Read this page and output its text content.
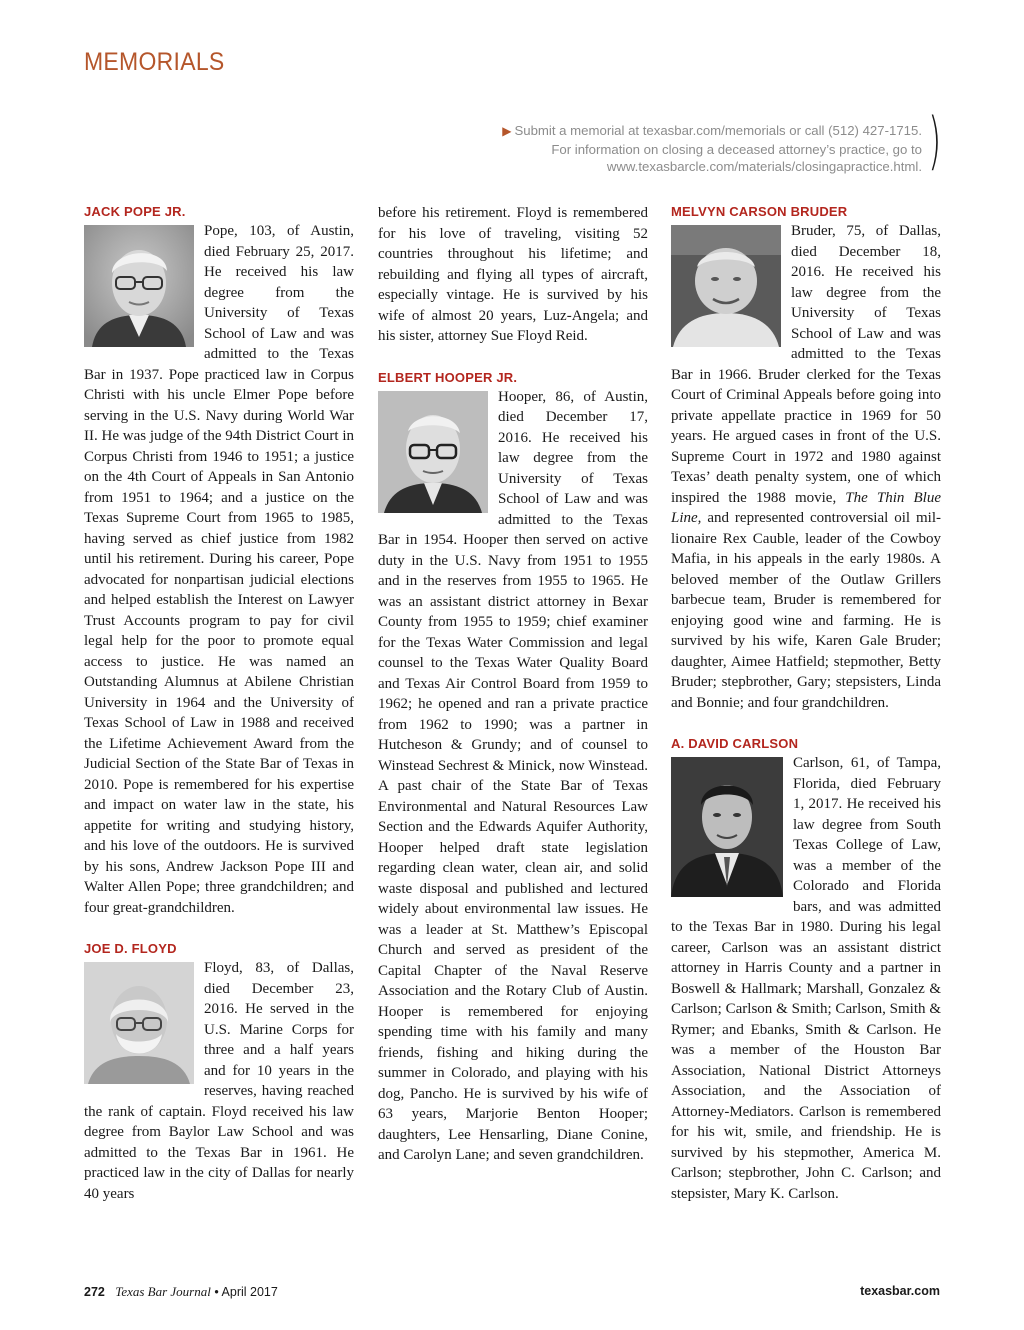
MEMORIALS
▶ Submit a memorial at texasbar.com/memorials or call (512) 427-1715.
For information on closing a deceased attorney’s practice, go to
www.texasbarcle.com/materials/closingapractice.html. )
JACK POPE JR.

Pope, 103, of Austin, died February 25, 2017. He received his law degree from the University of Texas School of Law and was admitted to the Texas Bar in 1937. Pope practiced law in Corpus Christi with his uncle Elmer Pope before serving in the U.S. Navy during World War II. He was judge of the 94th District Court in Corpus Christi from 1946 to 1951; a justice on the 4th Court of Appeals in San Antonio from 1951 to 1964; and a justice on the Texas Supreme Court from 1965 to 1985, having served as chief justice from 1982 until his retirement. During his career, Pope advocated for nonpartisan judicial elections and helped establish the Interest on Lawyer Trust Accounts program to pay for civil legal help for the poor to promote equal access to justice. He was named an Outstanding Alumnus at Abilene Christian University in 1964 and the University of Texas School of Law in 1988 and received the Lifetime Achievement Award from the Judicial Section of the State Bar of Texas in 2010. Pope is remembered for his expertise and impact on water law in the state, his appetite for writing and studying history, and his love of the outdoors. He is survived by his sons, Andrew Jackson Pope III and Walter Allen Pope; three grandchildren; and four great-grandchildren.

JOE D. FLOYD

Floyd, 83, of Dallas, died December 23, 2016. He served in the U.S. Marine Corps for three and a half years and for 10 years in the reserves, having reached the rank of captain. Floyd received his law degree from Baylor Law School and was admitted to the Texas Bar in 1961. He practiced law in the city of Dallas for nearly 40 years

before his retirement. Floyd is remembered for his love of traveling, visiting 52 countries throughout his lifetime; and rebuilding and flying all types of aircraft, especially vintage. He is survived by his wife of almost 20 years, Luz-Angela; and his sister, attorney Sue Floyd Reid.

ELBERT HOOPER JR.

Hooper, 86, of Austin, died December 17, 2016. He received his law degree from the University of Texas School of Law and was admitted to the Texas Bar in 1954. Hooper then served on active duty in the U.S. Navy from 1951 to 1955 and in the reserves from 1955 to 1965. He was an assistant district attorney in Bexar County from 1955 to 1959; chief examiner for the Texas Water Commission and legal counsel to the Texas Water Quality Board and Texas Air Control Board from 1959 to 1962; he opened and ran a private practice from 1962 to 1990; was a partner in Hutcheson & Grundy; and of counsel to Winstead Sechrest & Minick, now Winstead. A past chair of the State Bar of Texas Environmental and Natural Resources Law Section and the Edwards Aquifer Authority, Hooper helped draft state legislation regarding clean water, clean air, and solid waste disposal and published and lectured widely about environmental law issues. He was a leader at St. Matthew’s Episcopal Church and served as president of the Capital Chapter of the Naval Reserve Association and the Rotary Club of Austin. Hooper is remembered for enjoying spending time with his family and many friends, fishing and hiking during the summer in Colorado, and playing with his dog, Pancho. He is survived by his wife of 63 years, Marjorie Benton Hooper; daughters, Lee Hensarling, Diane Conine, and Carolyn Lane; and seven grandchildren.

MELVYN CARSON BRUDER

Bruder, 75, of Dallas, died December 18, 2016. He received his law degree from the University of Texas School of Law and was admitted to the Texas Bar in 1966. Bruder clerked for the Texas Court of Criminal Appeals before going into private appellate practice in 1969 for 50 years. He argued cases in front of the U.S. Supreme Court in 1972 and 1980 against Texas’ death penalty system, one of which inspired the 1988 movie, The Thin Blue Line, and represented controversial oil millionaire Rex Cauble, leader of the Cowboy Mafia, in his appeals in the early 1980s. A beloved member of the Outlaw Grillers barbecue team, Bruder is remembered for enjoying good wine and farming. He is survived by his wife, Karen Gale Bruder; daughter, Aimee Hatfield; stepmother, Betty Bruder; stepbrother, Gary; stepsisters, Linda and Bonnie; and four grandchildren.

A. DAVID CARLSON

Carlson, 61, of Tampa, Florida, died February 1, 2017. He received his law degree from South Texas College of Law, was a member of the Colorado and Florida bars, and was admitted to the Texas Bar in 1980. During his legal career, Carlson was an assistant district attorney in Harris County and a partner in Boswell & Hallmark; Marshall, Gonzalez & Carlson; Carlson & Smith; Carlson, Smith & Rymer; and Ebanks, Smith & Carlson. He was a member of the Houston Bar Association, National District Attorneys Association, and the Association of Attorney-Mediators. Carlson is remembered for his wit, smile, and friendship. He is survived by his stepmother, America M. Carlson; stepbrother, John C. Carlson; and stepsister, Mary K. Carlson.

272 Texas Bar Journal • April 2017	texasbar.com
